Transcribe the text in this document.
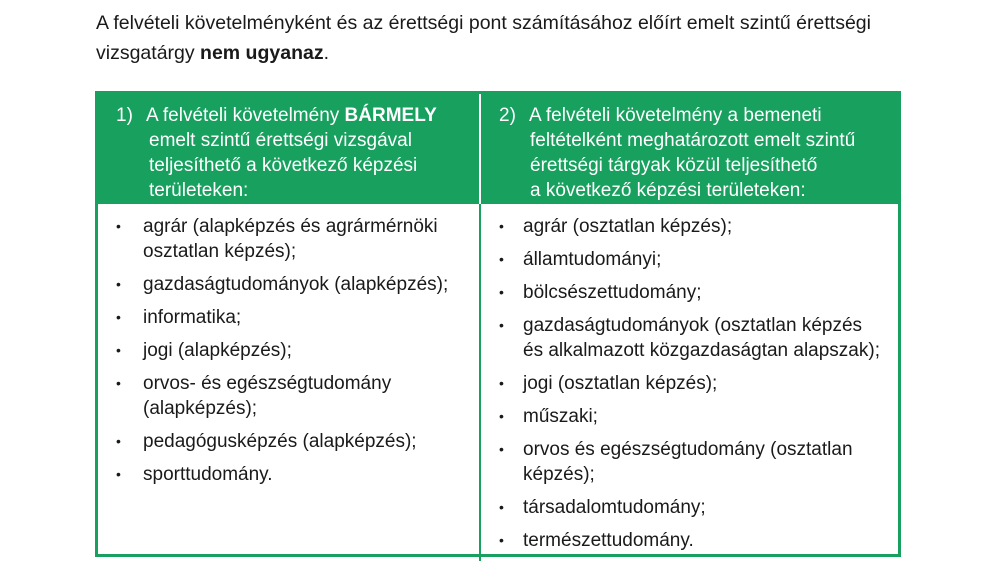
A felvételi követelményként és az érettségi pont számításához előírt emelt szintű érettségi vizsgatárgy nem ugyanaz.

1) A felvételi követelmény BÁRMELY
emelt szintű érettségi vizsgával
teljesíthető a következő képzési
területeken:
2) A felvételi követelmény a bemeneti
feltételként meghatározott emelt szintű
érettségi tárgyak közül teljesíthető
a következő képzési területeken:
• agrár (alapképzés és agrármérnöki osztatlan képzés);
• gazdaságtudományok (alapképzés);
• informatika;
• jogi (alapképzés);
• orvos- és egészségtudomány (alapképzés);
• pedagógusképzés (alapképzés);
• sporttudomány.
• agrár (osztatlan képzés);
• államtudományi;
• bölcsészettudomány;
• gazdaságtudományok (osztatlan képzés és alkalmazott közgazdaságtan alapszak);
• jogi (osztatlan képzés);
• műszaki;
• orvos és egészségtudomány (osztatlan képzés);
• társadalomtudomány;
• természettudomány.
